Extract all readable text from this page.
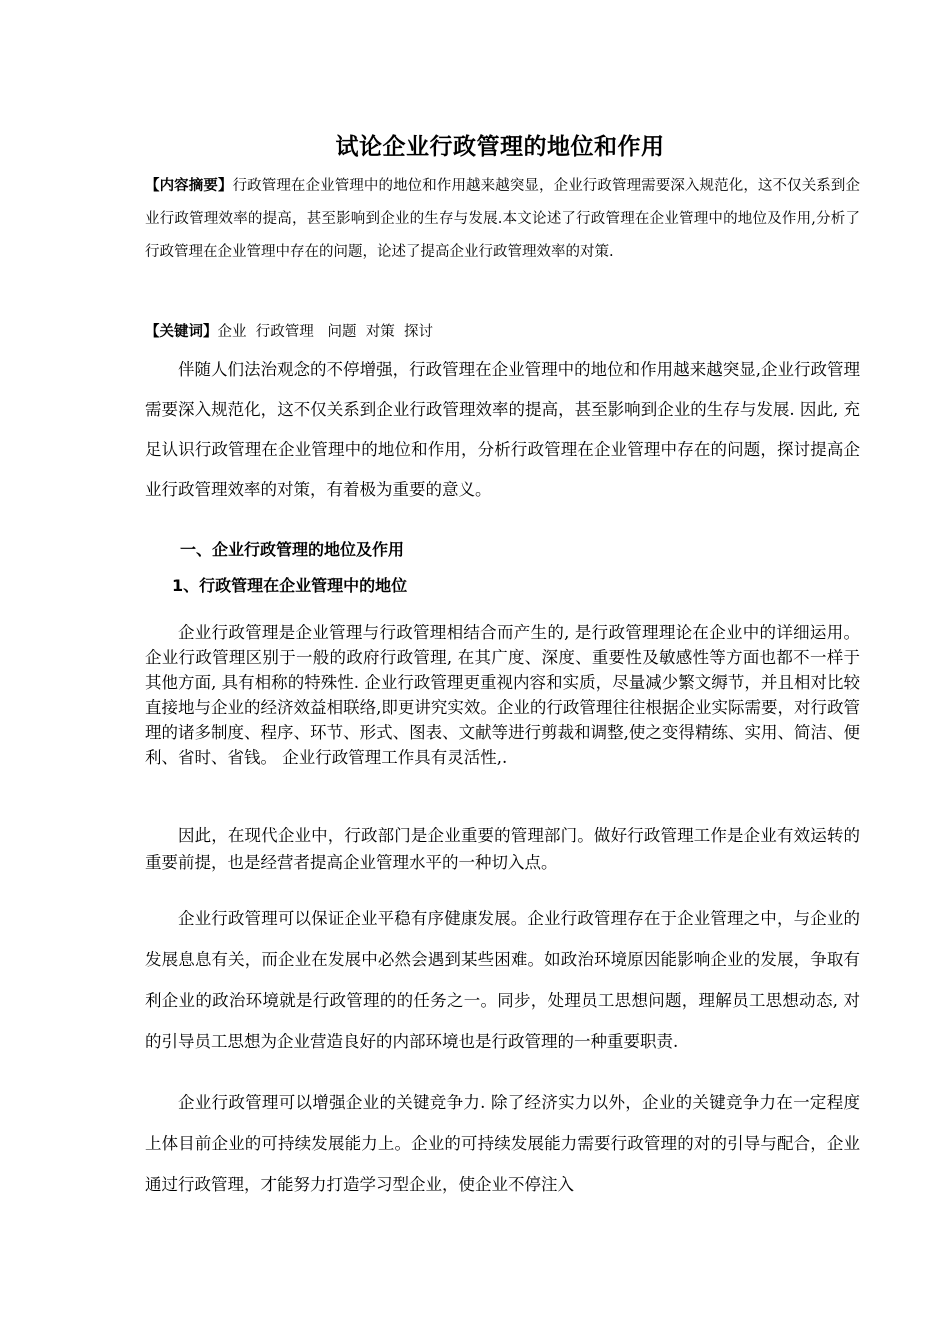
试论企业行政管理的地位和作用
【内容摘要】行政管理在企业管理中的地位和作用越来越突显，企业行政管理需要深入规范化，这不仅关系到企业行政管理效率的提高，甚至影响到企业的生存与发展.本文论述了行政管理在企业管理中的地位及作用,分析了行政管理在企业管理中存在的问题，论述了提高企业行政管理效率的对策.
【关键词】企业  行政管理   问题  对策  探讨
伴随人们法治观念的不停增强，行政管理在企业管理中的地位和作用越来越突显,企业行政管理需要深入规范化，这不仅关系到企业行政管理效率的提高，甚至影响到企业的生存与发展. 因此, 充足认识行政管理在企业管理中的地位和作用，分析行政管理在企业管理中存在的问题，探讨提高企业行政管理效率的对策，有着极为重要的意义。
一、企业行政管理的地位及作用
1、行政管理在企业管理中的地位
企业行政管理是企业管理与行政管理相结合而产生的, 是行政管理理论在企业中的详细运用。企业行政管理区别于一般的政府行政管理, 在其广度、深度、重要性及敏感性等方面也都不一样于其他方面, 具有相称的特殊性. 企业行政管理更重视内容和实质，尽量减少繁文缛节，并且相对比较直接地与企业的经济效益相联络,即更讲究实效。企业的行政管理往往根据企业实际需要，对行政管理的诸多制度、程序、环节、形式、图表、文献等进行剪裁和调整,使之变得精练、实用、简洁、便利、省时、省钱。 企业行政管理工作具有灵活性,.
因此，在现代企业中，行政部门是企业重要的管理部门。做好行政管理工作是企业有效运转的重要前提，也是经营者提高企业管理水平的一种切入点。
企业行政管理可以保证企业平稳有序健康发展。企业行政管理存在于企业管理之中，与企业的发展息息有关，而企业在发展中必然会遇到某些困难。如政治环境原因能影响企业的发展，争取有利企业的政治环境就是行政管理的的任务之一。同步，处理员工思想问题，理解员工思想动态, 对的引导员工思想为企业营造良好的内部环境也是行政管理的一种重要职责.
企业行政管理可以增强企业的关键竞争力. 除了经济实力以外，企业的关键竞争力在一定程度上体目前企业的可持续发展能力上。企业的可持续发展能力需要行政管理的对的引导与配合，企业通过行政管理，才能努力打造学习型企业，使企业不停注入
